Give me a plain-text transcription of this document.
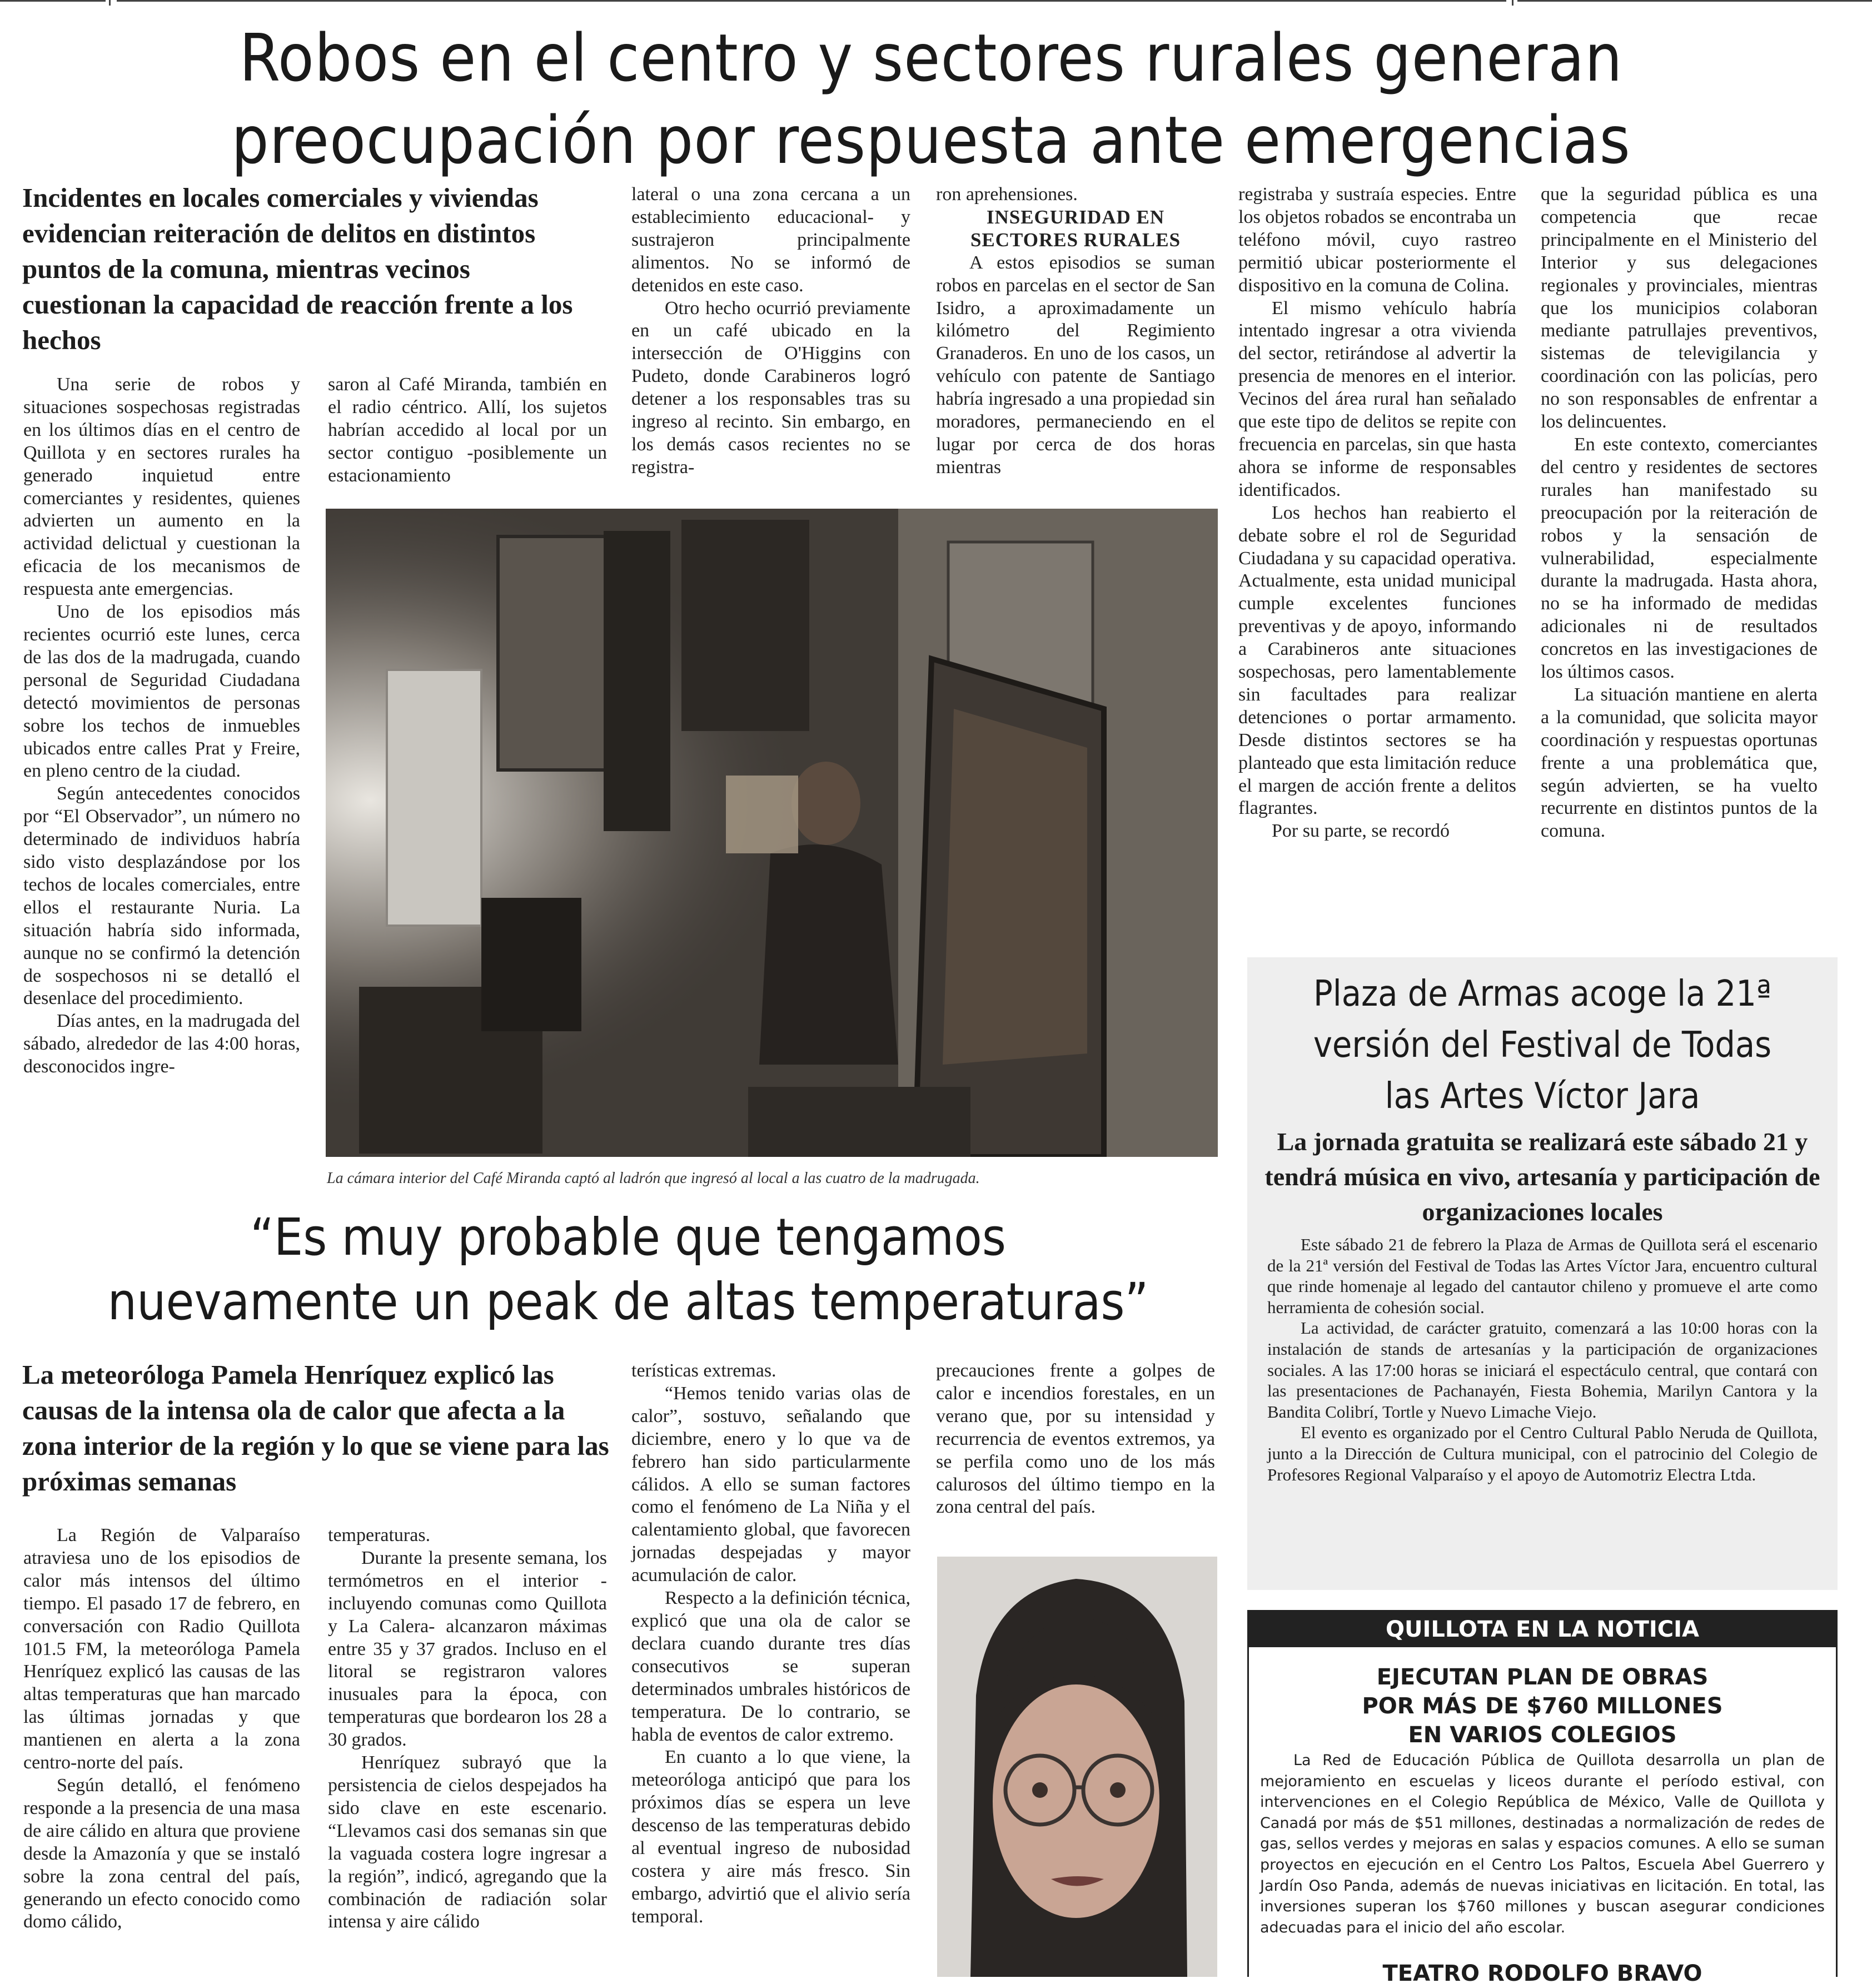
Robos en el centro y sectores rurales generan
preocupación por respuesta ante emergencias
Incidentes en locales comerciales y viviendas evidencian reiteración de delitos en distintos puntos de la comuna, mientras vecinos cuestionan la capacidad de reacción frente a los hechos

Una serie de robos y situaciones sospechosas registradas en los últimos días en el centro de Quillota y en sectores rurales ha generado inquietud entre comerciantes y residentes, quienes advierten un aumento en la actividad delictual y cuestionan la eficacia de los mecanismos de respuesta ante emergencias.

Uno de los episodios más recientes ocurrió este lunes, cerca de las dos de la madrugada, cuando personal de Seguridad Ciudadana detectó movimientos de personas sobre los techos de inmuebles ubicados entre calles Prat y Freire, en pleno centro de la ciudad.

Según antecedentes conocidos por “El Observador”, un número no determinado de individuos habría sido visto desplazándose por los techos de locales comerciales, entre ellos el restaurante Nuria. La situación habría sido informada, aunque no se confirmó la detención de sospechosos ni se detalló el desenlace del procedimiento.

Días antes, en la madrugada del sábado, alrededor de las 4:00 horas, desconocidos ingre-

saron al Café Miranda, también en el radio céntrico. Allí, los sujetos habrían accedido al local por un sector contiguo -posiblemente un estacionamiento

lateral o una zona cercana a un establecimiento educacional- y sustrajeron principalmente alimentos. No se informó de detenidos en este caso.

Otro hecho ocurrió previamente en un café ubicado en la intersección de O'Higgins con Pudeto, donde Carabineros logró detener a los responsables tras su ingreso al recinto. Sin embargo, en los demás casos recientes no se registra-

ron aprehensiones.

INSEGURIDAD EN SECTORES RURALES

A estos episodios se suman robos en parcelas en el sector de San Isidro, a aproximadamente un kilómetro del Regimiento Granaderos. En uno de los casos, un vehículo con patente de Santiago habría ingresado a una propiedad sin moradores, permaneciendo en el lugar por cerca de dos horas mientras

registraba y sustraía especies. Entre los objetos robados se encontraba un teléfono móvil, cuyo rastreo permitió ubicar posteriormente el dispositivo en la comuna de Colina.

El mismo vehículo habría intentado ingresar a otra vivienda del sector, retirándose al advertir la presencia de menores en el interior. Vecinos del área rural han señalado que este tipo de delitos se repite con frecuencia en parcelas, sin que hasta ahora se informe de responsables identificados.

Los hechos han reabierto el debate sobre el rol de Seguridad Ciudadana y su capacidad operativa. Actualmente, esta unidad municipal cumple excelentes funciones preventivas y de apoyo, informando a Carabineros ante situaciones sospechosas, pero lamentablemente sin facultades para realizar detenciones o portar armamento. Desde distintos sectores se ha planteado que esta limitación reduce el margen de acción frente a delitos flagrantes.

Por su parte, se recordó

que la seguridad pública es una competencia que recae principalmente en el Ministerio del Interior y sus delegaciones regionales y provinciales, mientras que los municipios colaboran mediante patrullajes preventivos, sistemas de televigilancia y coordinación con las policías, pero no son responsables de enfrentar a los delincuentes.

En este contexto, comerciantes del centro y residentes de sectores rurales han manifestado su preocupación por la reiteración de robos y la sensación de vulnerabilidad, especialmente durante la madrugada. Hasta ahora, no se ha informado de medidas adicionales ni de resultados concretos en las investigaciones de los últimos casos.

La situación mantiene en alerta a la comunidad, que solicita mayor coordinación y respuestas oportunas frente a una problemática que, según advierten, se ha vuelto recurrente en distintos puntos de la comuna.

La cámara interior del Café Miranda captó al ladrón que ingresó al local a las cuatro de la madrugada.
“Es muy probable que tengamos
nuevamente un peak de altas temperaturas”
La meteoróloga Pamela Henríquez explicó las causas de la intensa ola de calor que afecta a la zona interior de la región y lo que se viene para las próximas semanas

La Región de Valparaíso atraviesa uno de los episodios de calor más intensos del último tiempo. El pasado 17 de febrero, en conversación con Radio Quillota 101.5 FM, la meteoróloga Pamela Henríquez explicó las causas de las altas temperaturas que han marcado las últimas jornadas y que mantienen en alerta a la zona centro-norte del país.

Según detalló, el fenómeno responde a la presencia de una masa de aire cálido en altura que proviene desde la Amazonía y que se instaló sobre la zona central del país, generando un efecto conocido como domo cálido,

temperaturas.

Durante la presente semana, los termómetros en el interior -incluyendo comunas como Quillota y La Calera- alcanzaron máximas entre 35 y 37 grados. Incluso en el litoral se registraron valores inusuales para la época, con temperaturas que bordearon los 28 a 30 grados.

Henríquez subrayó que la persistencia de cielos despejados ha sido clave en este escenario. “Llevamos casi dos semanas sin que la vaguada costera logre ingresar a la región”, indicó, agregando que la combinación de radiación solar intensa y aire cálido

terísticas extremas.

“Hemos tenido varias olas de calor”, sostuvo, señalando que diciembre, enero y lo que va de febrero han sido particularmente cálidos. A ello se suman factores como el fenómeno de La Niña y el calentamiento global, que favorecen jornadas despejadas y mayor acumulación de calor.

Respecto a la definición técnica, explicó que una ola de calor se declara cuando durante tres días consecutivos se superan determinados umbrales históricos de temperatura. De lo contrario, se habla de eventos de calor extremo.

En cuanto a lo que viene, la meteoróloga anticipó que para los próximos días se espera un leve descenso de las temperaturas debido al eventual ingreso de nubosidad costera y aire más fresco. Sin embargo, advirtió que el alivio sería temporal.

precauciones frente a golpes de calor e incendios forestales, en un verano que, por su intensidad y recurrencia de eventos extremos, ya se perfila como uno de los más calurosos del último tiempo en la zona central del país.

Plaza de Armas acoge la 21ª
versión del Festival de Todas
las Artes Víctor Jara
La jornada gratuita se realizará este sábado 21 y tendrá música en vivo, artesanía y participación de organizaciones locales

Este sábado 21 de febrero la Plaza de Armas de Quillota será el escenario de la 21ª versión del Festival de Todas las Artes Víctor Jara, encuentro cultural que rinde homenaje al legado del cantautor chileno y promueve el arte como herramienta de cohesión social.

La actividad, de carácter gratuito, comenzará a las 10:00 horas con la instalación de stands de artesanías y la participación de organizaciones sociales. A las 17:00 horas se iniciará el espectáculo central, que contará con las presentaciones de Pachanayén, Fiesta Bohemia, Marilyn Cantora y la Bandita Colibrí, Tortle y Nuevo Limache Viejo.

El evento es organizado por el Centro Cultural Pablo Neruda de Quillota, junto a la Dirección de Cultura municipal, con el patrocinio del Colegio de Profesores Regional Valparaíso y el apoyo de Automotriz Electra Ltda.

QUILLOTA EN LA NOTICIA
EJECUTAN PLAN DE OBRAS
POR MÁS DE $760 MILLONES
EN VARIOS COLEGIOS
La Red de Educación Pública de Quillota desarrolla un plan de mejoramiento en escuelas y liceos durante el período estival, con intervenciones en el Colegio República de México, Valle de Quillota y Canadá por más de $51 millones, destinadas a normalización de redes de gas, sellos verdes y mejoras en salas y espacios comunes. A ello se suman proyectos en ejecución en el Centro Los Paltos, Escuela Abel Guerrero y Jardín Oso Panda, además de nuevas iniciativas en licitación. En total, las inversiones superan los $760 millones y buscan asegurar condiciones adecuadas para el inicio del año escolar.
TEATRO RODOLFO BRAVO
